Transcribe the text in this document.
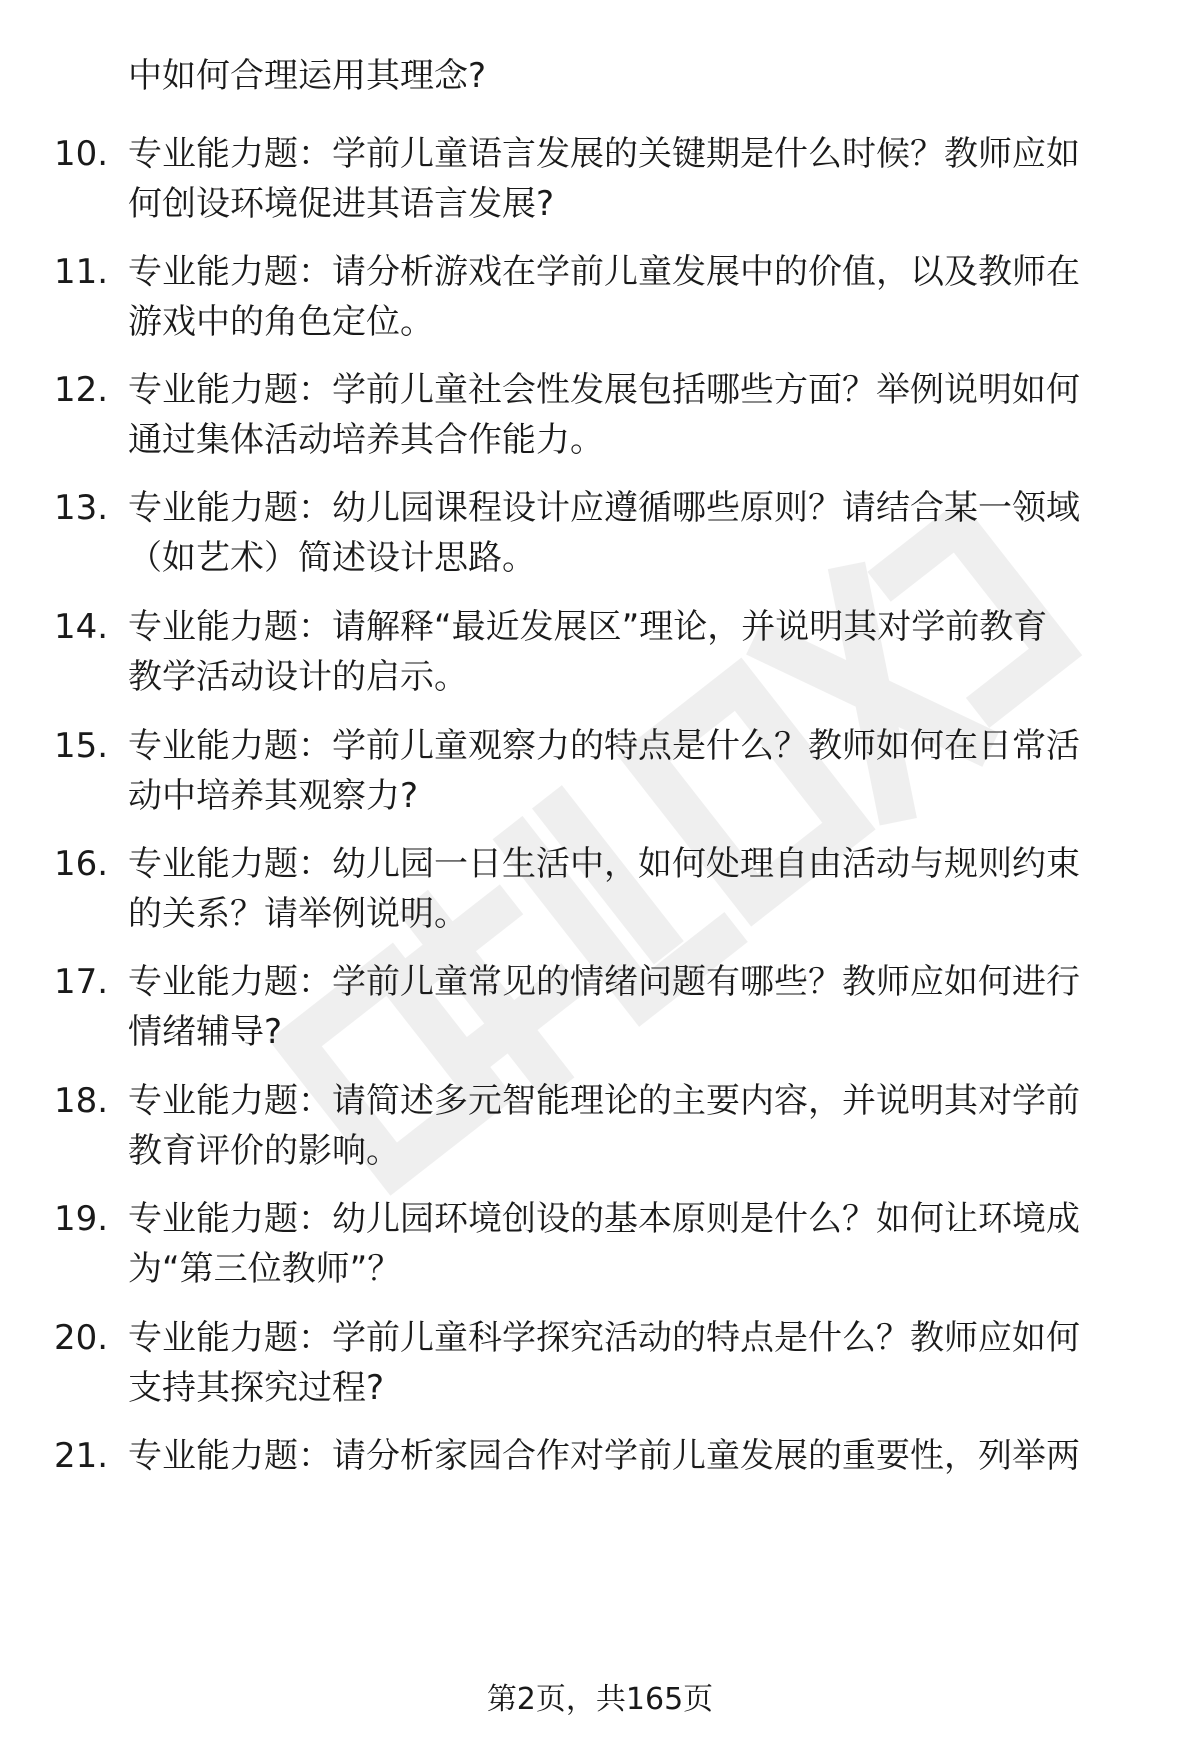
中如何合理运用其理念?
10. 专业能力题：学前儿童语言发展的关键期是什么时候？教师应如
何创设环境促进其语言发展?
11. 专业能力题：请分析游戏在学前儿童发展中的价值，以及教师在
游戏中的角色定位。
12. 专业能力题：学前儿童社会性发展包括哪些方面？举例说明如何
通过集体活动培养其合作能力。
13. 专业能力题：幼儿园课程设计应遵循哪些原则？请结合某一领域
（如艺术）简述设计思路。
14. 专业能力题：请解释“最近发展区”理论，并说明其对学前教育
教学活动设计的启示。
15. 专业能力题：学前儿童观察力的特点是什么？教师如何在日常活
动中培养其观察力?
16. 专业能力题：幼儿园一日生活中，如何处理自由活动与规则约束
的关系？请举例说明。
17. 专业能力题：学前儿童常见的情绪问题有哪些？教师应如何进行
情绪辅导?
18. 专业能力题：请简述多元智能理论的主要内容，并说明其对学前
教育评价的影响。
19. 专业能力题：幼儿园环境创设的基本原则是什么？如何让环境成
为“第三位教师”？
20. 专业能力题：学前儿童科学探究活动的特点是什么？教师应如何
支持其探究过程?
21. 专业能力题：请分析家园合作对学前儿童发展的重要性，列举两
第2页，共165页
